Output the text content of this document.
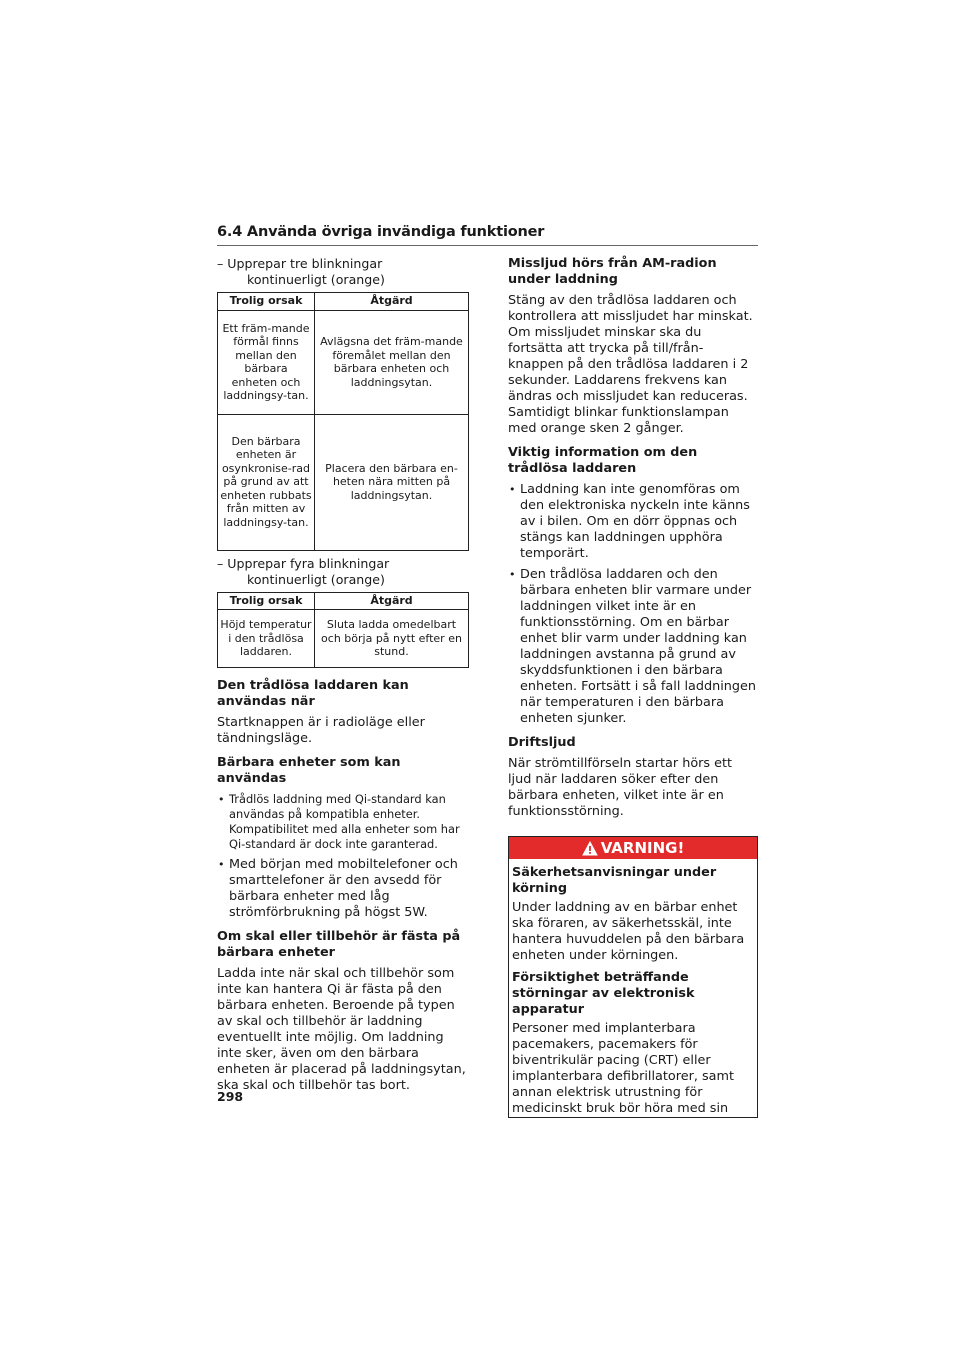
6.4 Använda övriga invändiga funktioner

– Upprepar tre blinkningar
kontinuerligt (orange)

Trolig orsak	Åtgärd
Ett främ-mande förmål finns mellan den bärbara enheten och laddningsy-tan.	Avlägsna det främ-mande föremålet mellan den bärbara enheten och laddningsytan.
Den bärbara enheten är osynkronise-rad på grund av att enheten rubbats från mitten av laddningsy-tan.	Placera den bärbara en-heten nära mitten på laddningsytan.

– Upprepar fyra blinkningar
kontinuerligt (orange)

Trolig orsak	Åtgärd
Höjd temperatur i den trådlösa laddaren.	Sluta ladda omedelbart och börja på nytt efter en stund.
Den trådlösa laddaren kan användas när
Startknappen är i radioläge eller tändningsläge.
Bärbara enheter som kan användas
• Trådlös laddning med Qi-standard kan användas på kompatibla enheter. Kompatibilitet med alla enheter som har Qi-standard är dock inte garanterad.
• Med början med mobiltelefoner och smarttelefoner är den avsedd för bärbara enheter med låg strömförbrukning på högst 5W.
Om skal eller tillbehör är fästa på bärbara enheter
Ladda inte när skal och tillbehör som inte kan hantera Qi är fästa på den bärbara enheten. Beroende på typen av skal och tillbehör är laddning eventuellt inte möjlig. Om laddning inte sker, även om den bärbara enheten är placerad på laddningsytan, ska skal och tillbehör tas bort.
Missljud hörs från AM-radion under laddning
Stäng av den trådlösa laddaren och kontrollera att missljudet har minskat. Om missljudet minskar ska du fortsätta att trycka på till/från-knappen på den trådlösa laddaren i 2 sekunder. Laddarens frekvens kan ändras och missljudet kan reduceras. Samtidigt blinkar funktionslampan med orange sken 2 gånger.
Viktig information om den trådlösa laddaren
• Laddning kan inte genomföras om den elektroniska nyckeln inte känns av i bilen. Om en dörr öppnas och stängs kan laddningen upphöra temporärt.
• Den trådlösa laddaren och den bärbara enheten blir varmare under laddningen vilket inte är en funktionsstörning. Om en bärbar enhet blir varm under laddning kan laddningen avstanna på grund av skyddsfunktionen i den bärbara enheten. Fortsätt i så fall laddningen när temperaturen i den bärbara enheten sjunker.
Driftsljud
När strömtillförseln startar hörs ett ljud när laddaren söker efter den bärbara enheten, vilket inte är en funktionsstörning.
VARNING!
Säkerhetsanvisningar under körning
Under laddning av en bärbar enhet ska föraren, av säkerhetsskäl, inte hantera huvuddelen på den bärbara enheten under körningen.
Försiktighet beträffande störningar av elektronisk apparatur
Personer med implanterbara pacemakers, pacemakers för biventrikulär pacing (CRT) eller implanterbara defibrillatorer, samt annan elektrisk utrustning för medicinskt bruk bör höra med sin
298
